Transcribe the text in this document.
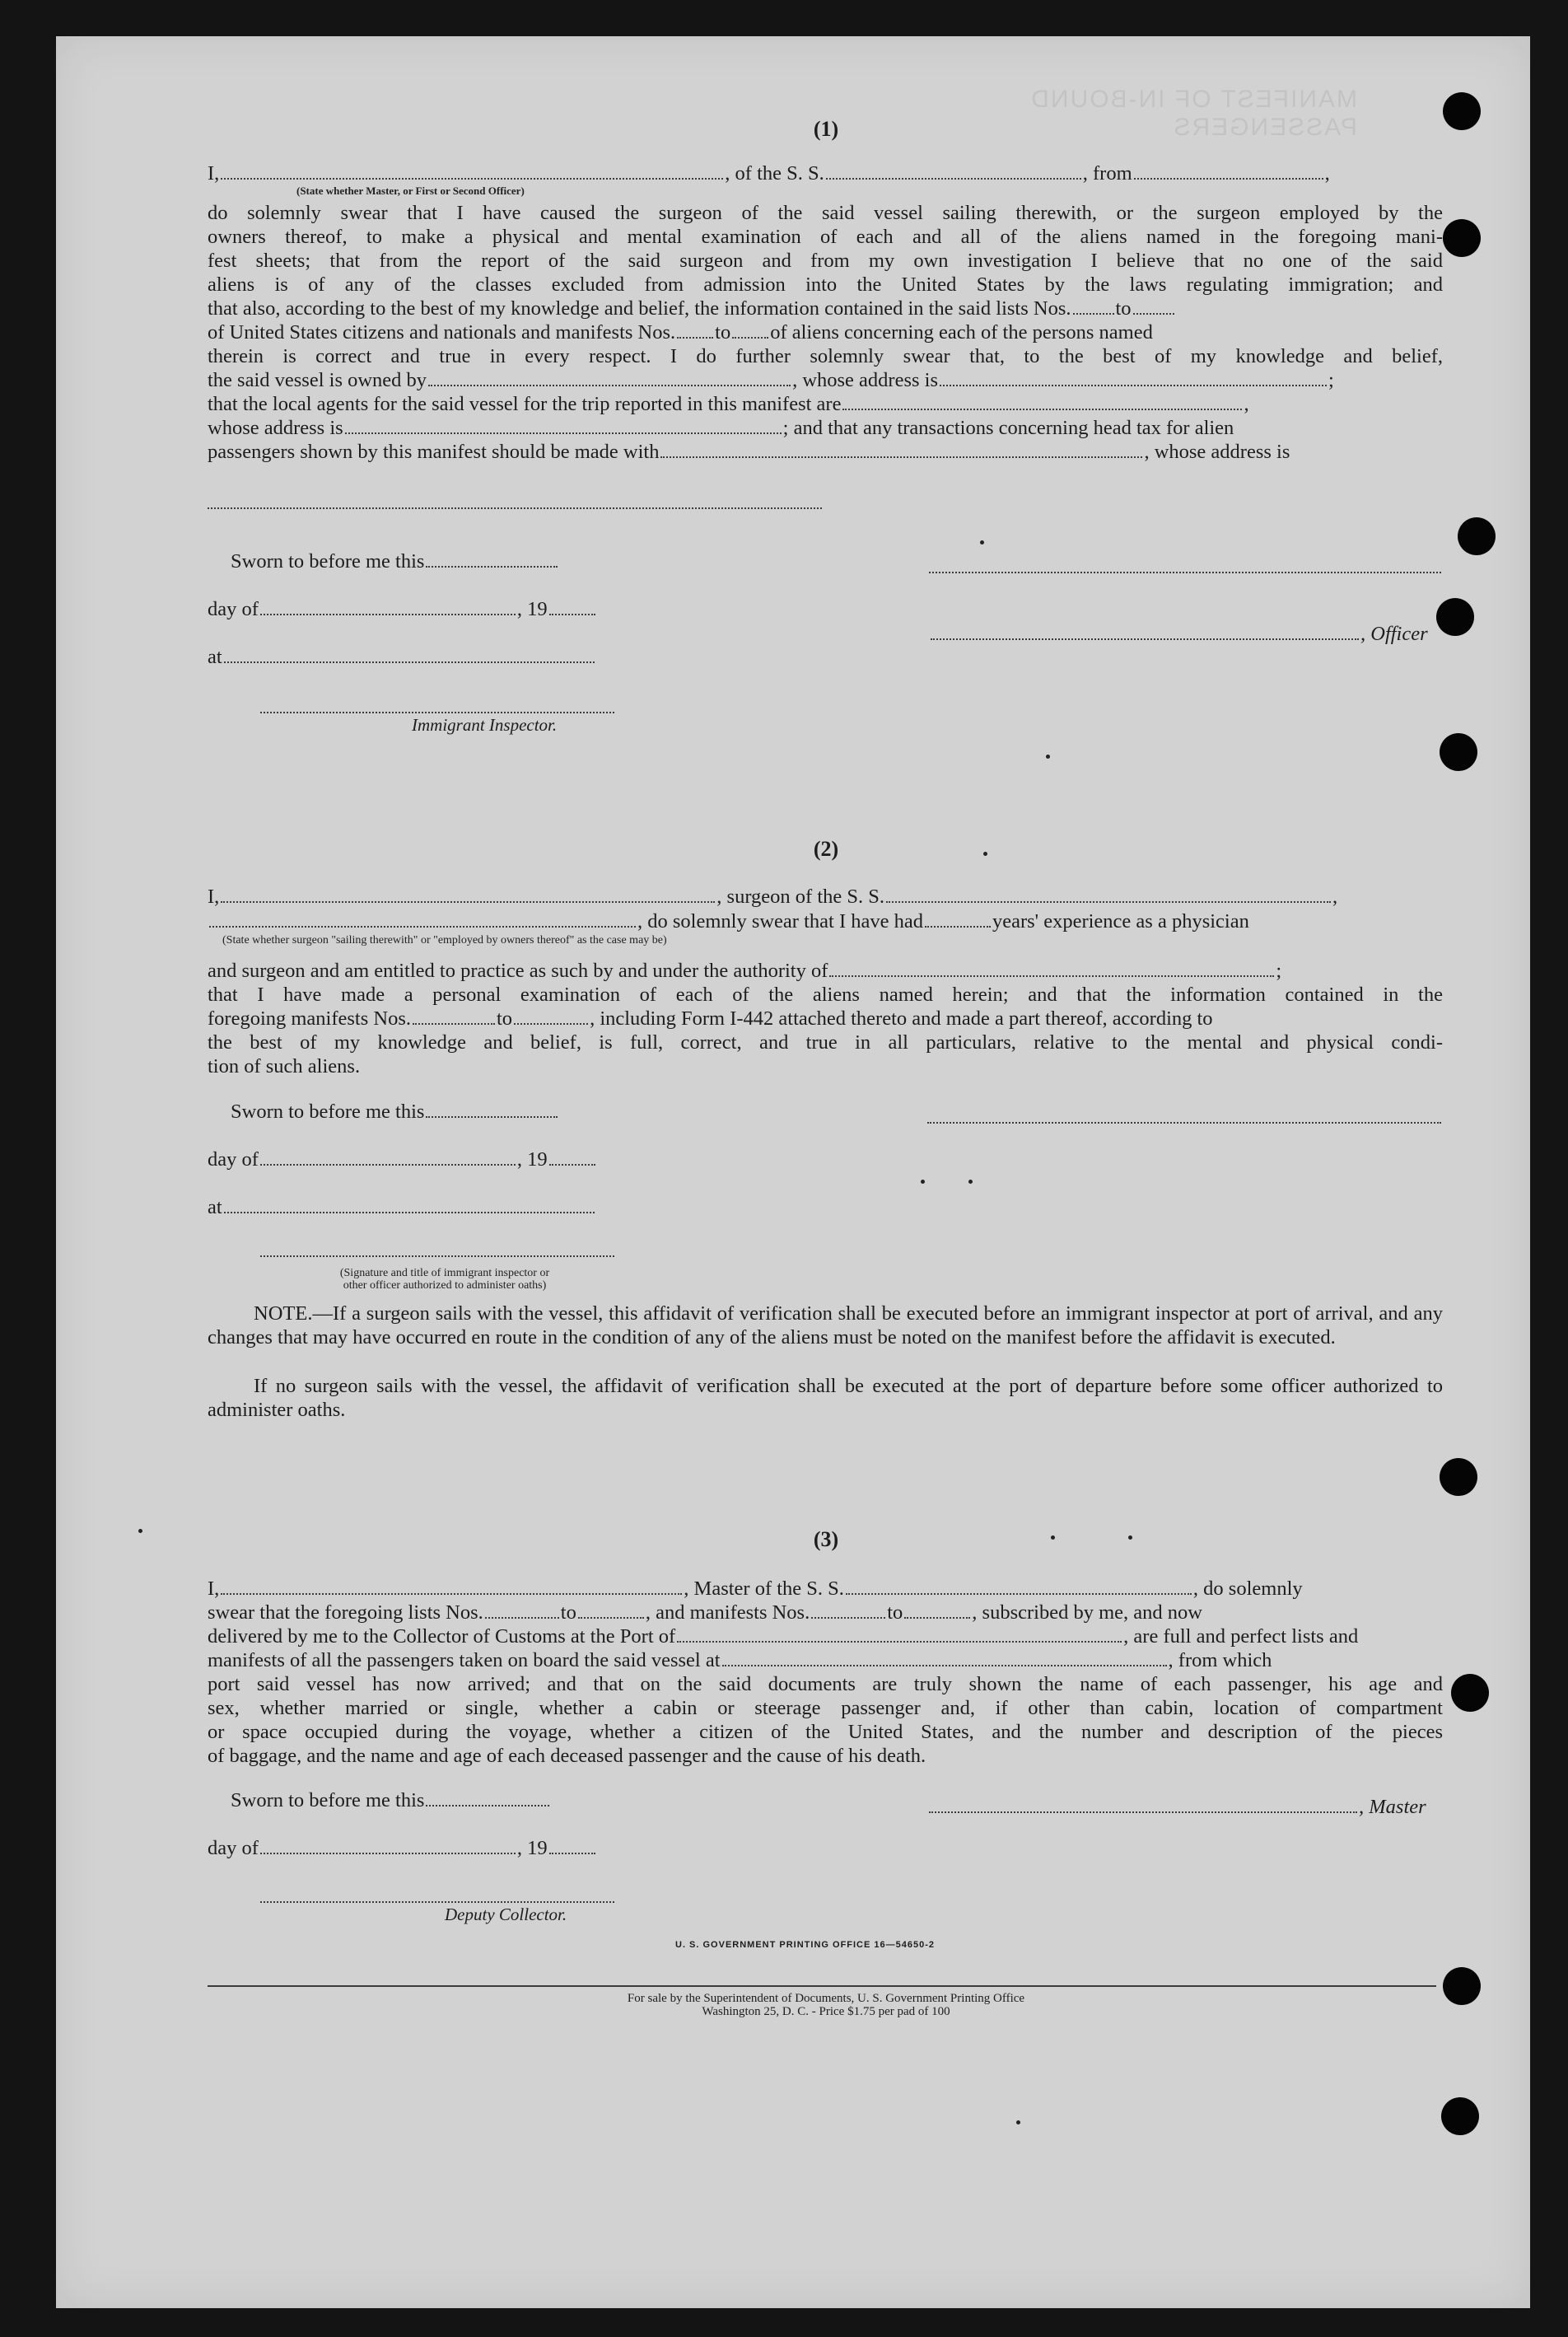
MANIFEST OF IN-BOUND PASSENGERS
(1)
I,	, of the S. S.	, from	,
(State whether Master, or First or Second Officer)
do solemnly swear that I have caused the surgeon of the said vessel sailing therewith, or the surgeon employed by the
owners thereof, to make a physical and mental examination of each and all of the aliens named in the foregoing mani-
fest sheets; that from the report of the said surgeon and from my own investigation I believe that no one of the said
aliens is of any of the classes excluded from admission into the United States by the laws regulating immigration; and
that also, according to the best of my knowledge and belief, the information contained in the said lists Nos. to
of United States citizens and nationals and manifests Nos. to of aliens concerning each of the persons named
therein is correct and true in every respect. I do further solemnly swear that, to the best of my knowledge and belief,
the said vessel is owned by	, whose address is	;
that the local agents for the said vessel for the trip reported in this manifest are	,
whose address is	; and that any transactions concerning head tax for alien
passengers shown by this manifest should be made with	, whose address is
Sworn to before me this
day of	, 19
at
Immigrant Inspector.
, Officer
(2)
I,	, surgeon of the S. S.	,
, do solemnly swear that I have had	years' experience as a physician
(State whether surgeon "sailing therewith" or "employed by owners thereof" as the case may be)
and surgeon and am entitled to practice as such by and under the authority of	;
that I have made a personal examination of each of the aliens named herein; and that the information contained in the
foregoing manifests Nos.	to	, including Form I-442 attached thereto and made a part thereof, according to
the best of my knowledge and belief, is full, correct, and true in all particulars, relative to the mental and physical condi-
tion of such aliens.
Sworn to before me this
day of	, 19
at
(Signature and title of immigrant inspector or
other officer authorized to administer oaths)
NOTE.—If a surgeon sails with the vessel, this affidavit of verification shall be executed before an immigrant inspector at port of arrival, and any changes that may have occurred en route in the condition of any of the aliens must be noted on the manifest before the affidavit is executed.
If no surgeon sails with the vessel, the affidavit of verification shall be executed at the port of departure before some officer authorized to administer oaths.
(3)
I,	, Master of the S. S.	, do solemnly
swear that the foregoing lists Nos.	to	, and manifests Nos.	to	, subscribed by me, and now
delivered by me to the Collector of Customs at the Port of	, are full and perfect lists and
manifests of all the passengers taken on board the said vessel at	, from which
port said vessel has now arrived; and that on the said documents are truly shown the name of each passenger, his age and
sex, whether married or single, whether a cabin or steerage passenger and, if other than cabin, location of compartment
or space occupied during the voyage, whether a citizen of the United States, and the number and description of the pieces
of baggage, and the name and age of each deceased passenger and the cause of his death.
Sworn to before me this
day of	, 19
Deputy Collector.
, Master
U. S. GOVERNMENT PRINTING OFFICE 16—54650-2
For sale by the Superintendent of Documents, U. S. Government Printing Office
Washington 25, D. C. - Price $1.75 per pad of 100
